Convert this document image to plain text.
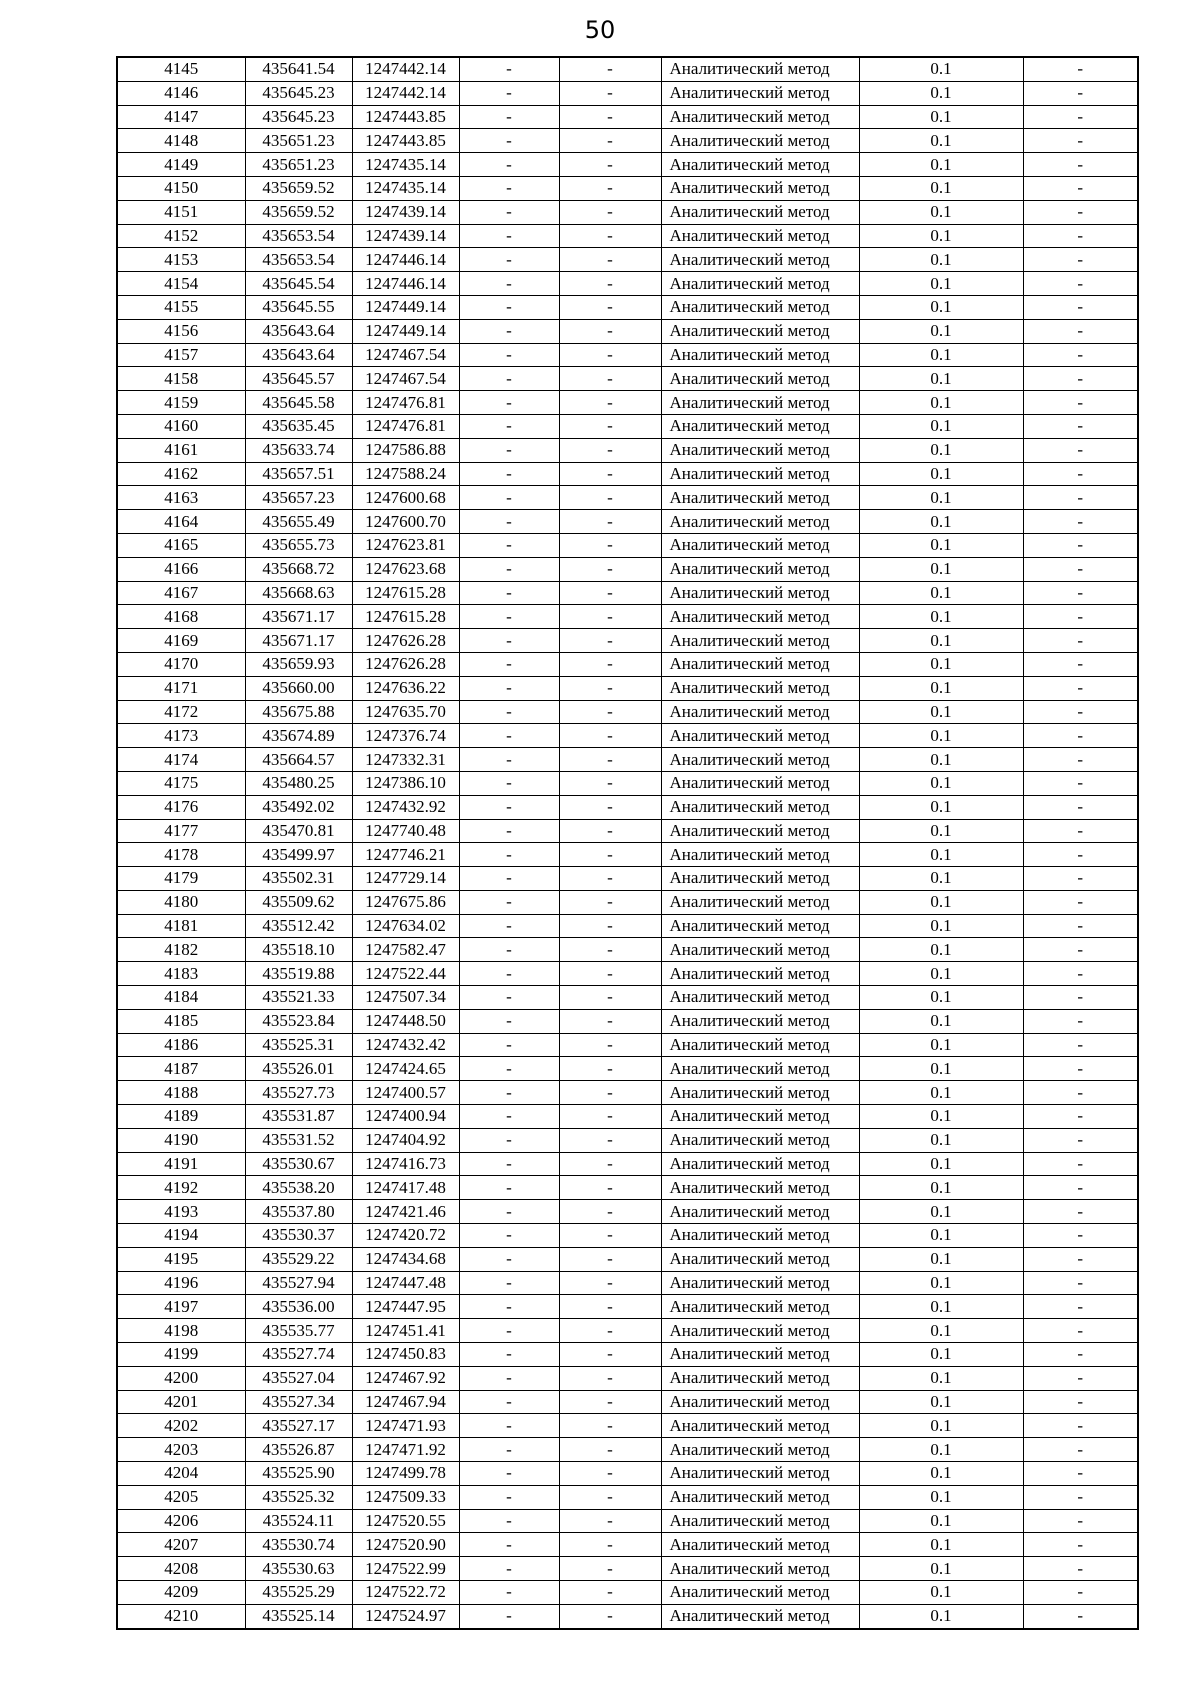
50
4145	435641.54	1247442.14	-	-	Аналитический метод	0.1	-
4146	435645.23	1247442.14	-	-	Аналитический метод	0.1	-
4147	435645.23	1247443.85	-	-	Аналитический метод	0.1	-
4148	435651.23	1247443.85	-	-	Аналитический метод	0.1	-
4149	435651.23	1247435.14	-	-	Аналитический метод	0.1	-
4150	435659.52	1247435.14	-	-	Аналитический метод	0.1	-
4151	435659.52	1247439.14	-	-	Аналитический метод	0.1	-
4152	435653.54	1247439.14	-	-	Аналитический метод	0.1	-
4153	435653.54	1247446.14	-	-	Аналитический метод	0.1	-
4154	435645.54	1247446.14	-	-	Аналитический метод	0.1	-
4155	435645.55	1247449.14	-	-	Аналитический метод	0.1	-
4156	435643.64	1247449.14	-	-	Аналитический метод	0.1	-
4157	435643.64	1247467.54	-	-	Аналитический метод	0.1	-
4158	435645.57	1247467.54	-	-	Аналитический метод	0.1	-
4159	435645.58	1247476.81	-	-	Аналитический метод	0.1	-
4160	435635.45	1247476.81	-	-	Аналитический метод	0.1	-
4161	435633.74	1247586.88	-	-	Аналитический метод	0.1	-
4162	435657.51	1247588.24	-	-	Аналитический метод	0.1	-
4163	435657.23	1247600.68	-	-	Аналитический метод	0.1	-
4164	435655.49	1247600.70	-	-	Аналитический метод	0.1	-
4165	435655.73	1247623.81	-	-	Аналитический метод	0.1	-
4166	435668.72	1247623.68	-	-	Аналитический метод	0.1	-
4167	435668.63	1247615.28	-	-	Аналитический метод	0.1	-
4168	435671.17	1247615.28	-	-	Аналитический метод	0.1	-
4169	435671.17	1247626.28	-	-	Аналитический метод	0.1	-
4170	435659.93	1247626.28	-	-	Аналитический метод	0.1	-
4171	435660.00	1247636.22	-	-	Аналитический метод	0.1	-
4172	435675.88	1247635.70	-	-	Аналитический метод	0.1	-
4173	435674.89	1247376.74	-	-	Аналитический метод	0.1	-
4174	435664.57	1247332.31	-	-	Аналитический метод	0.1	-
4175	435480.25	1247386.10	-	-	Аналитический метод	0.1	-
4176	435492.02	1247432.92	-	-	Аналитический метод	0.1	-
4177	435470.81	1247740.48	-	-	Аналитический метод	0.1	-
4178	435499.97	1247746.21	-	-	Аналитический метод	0.1	-
4179	435502.31	1247729.14	-	-	Аналитический метод	0.1	-
4180	435509.62	1247675.86	-	-	Аналитический метод	0.1	-
4181	435512.42	1247634.02	-	-	Аналитический метод	0.1	-
4182	435518.10	1247582.47	-	-	Аналитический метод	0.1	-
4183	435519.88	1247522.44	-	-	Аналитический метод	0.1	-
4184	435521.33	1247507.34	-	-	Аналитический метод	0.1	-
4185	435523.84	1247448.50	-	-	Аналитический метод	0.1	-
4186	435525.31	1247432.42	-	-	Аналитический метод	0.1	-
4187	435526.01	1247424.65	-	-	Аналитический метод	0.1	-
4188	435527.73	1247400.57	-	-	Аналитический метод	0.1	-
4189	435531.87	1247400.94	-	-	Аналитический метод	0.1	-
4190	435531.52	1247404.92	-	-	Аналитический метод	0.1	-
4191	435530.67	1247416.73	-	-	Аналитический метод	0.1	-
4192	435538.20	1247417.48	-	-	Аналитический метод	0.1	-
4193	435537.80	1247421.46	-	-	Аналитический метод	0.1	-
4194	435530.37	1247420.72	-	-	Аналитический метод	0.1	-
4195	435529.22	1247434.68	-	-	Аналитический метод	0.1	-
4196	435527.94	1247447.48	-	-	Аналитический метод	0.1	-
4197	435536.00	1247447.95	-	-	Аналитический метод	0.1	-
4198	435535.77	1247451.41	-	-	Аналитический метод	0.1	-
4199	435527.74	1247450.83	-	-	Аналитический метод	0.1	-
4200	435527.04	1247467.92	-	-	Аналитический метод	0.1	-
4201	435527.34	1247467.94	-	-	Аналитический метод	0.1	-
4202	435527.17	1247471.93	-	-	Аналитический метод	0.1	-
4203	435526.87	1247471.92	-	-	Аналитический метод	0.1	-
4204	435525.90	1247499.78	-	-	Аналитический метод	0.1	-
4205	435525.32	1247509.33	-	-	Аналитический метод	0.1	-
4206	435524.11	1247520.55	-	-	Аналитический метод	0.1	-
4207	435530.74	1247520.90	-	-	Аналитический метод	0.1	-
4208	435530.63	1247522.99	-	-	Аналитический метод	0.1	-
4209	435525.29	1247522.72	-	-	Аналитический метод	0.1	-
4210	435525.14	1247524.97	-	-	Аналитический метод	0.1	-
